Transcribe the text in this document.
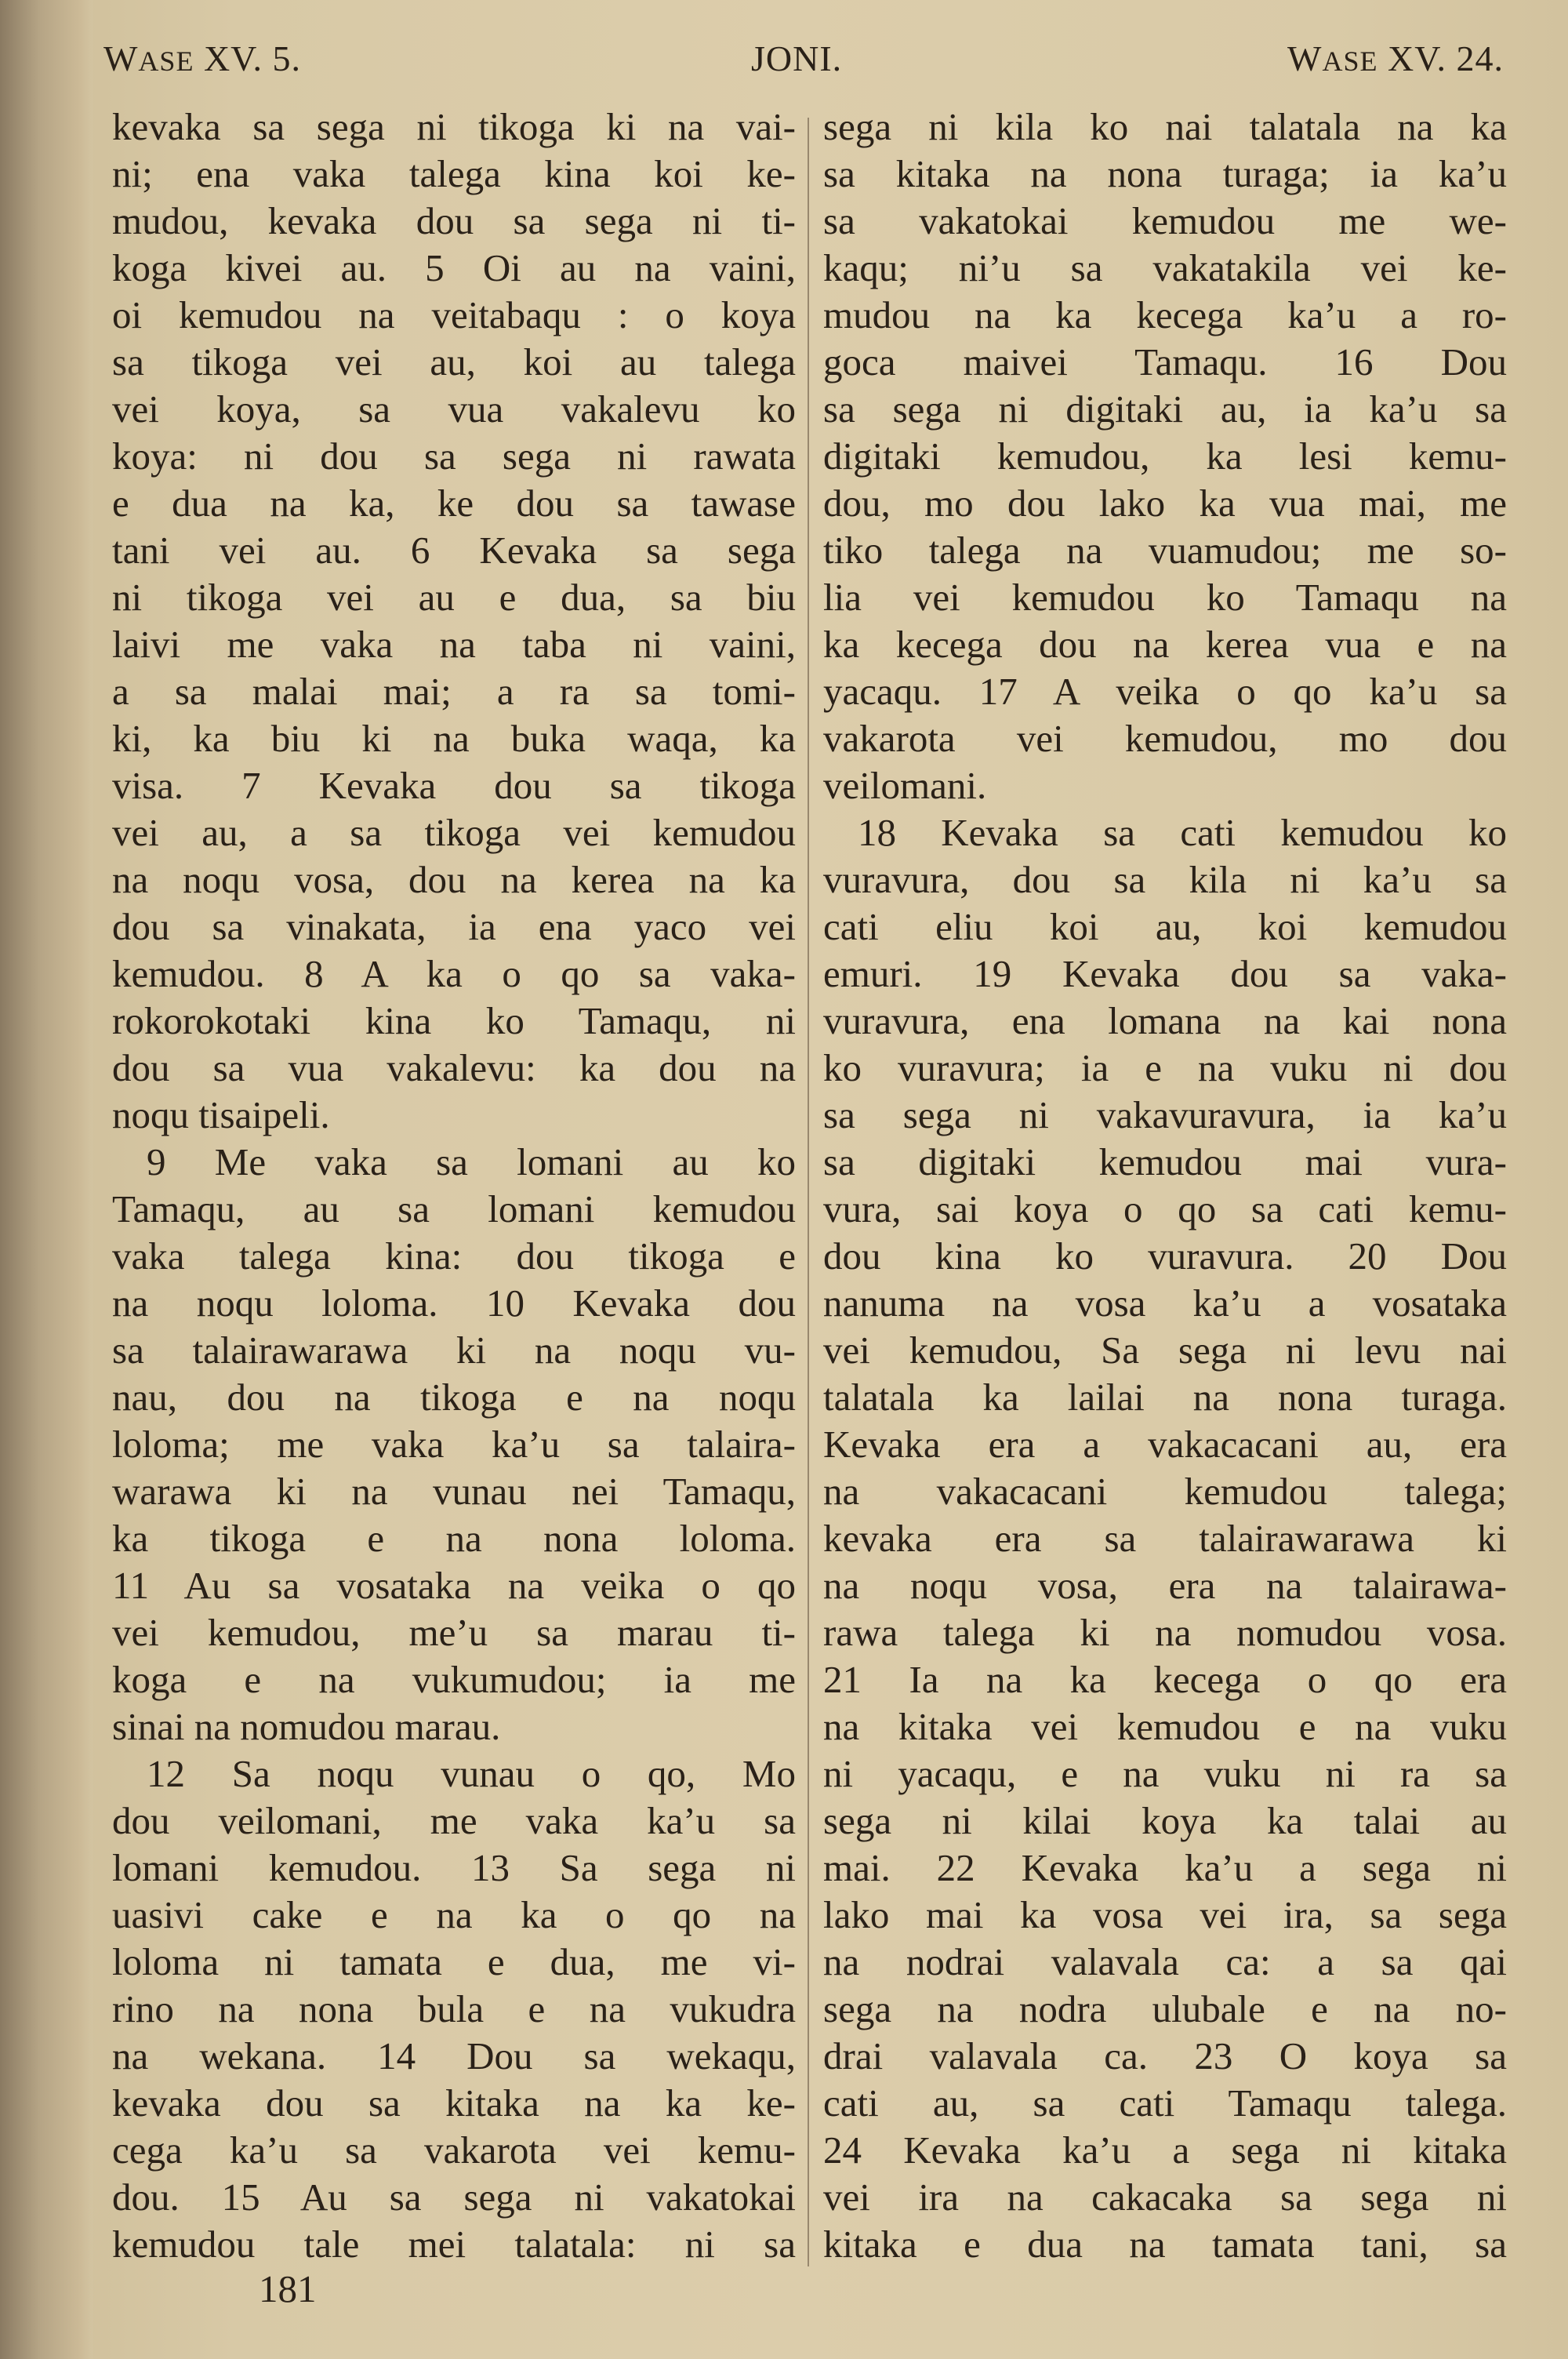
WASE XV. 5.	JONI.	WASE XV. 24.
kevaka sa sega ni tikoga ki na vai-
ni; ena vaka talega kina koi ke-
mudou, kevaka dou sa sega ni ti-
koga kivei au. 5 Oi au na vaini,
oi kemudou na veitabaqu : o koya
sa tikoga vei au, koi au talega
vei koya, sa vua vakalevu ko
koya: ni dou sa sega ni rawata
e dua na ka, ke dou sa tawase
tani vei au. 6 Kevaka sa sega
ni tikoga vei au e dua, sa biu
laivi me vaka na taba ni vaini,
a sa malai mai; a ra sa tomi-
ki, ka biu ki na buka waqa, ka
visa. 7 Kevaka dou sa tikoga
vei au, a sa tikoga vei kemudou
na noqu vosa, dou na kerea na ka
dou sa vinakata, ia ena yaco vei
kemudou. 8 A ka o qo sa vaka-
rokorokotaki kina ko Tamaqu, ni
dou sa vua vakalevu: ka dou na
noqu tisaipeli.
9 Me vaka sa lomani au ko
Tamaqu, au sa lomani kemudou
vaka talega kina: dou tikoga e
na noqu loloma. 10 Kevaka dou
sa talairawarawa ki na noqu vu-
nau, dou na tikoga e na noqu
loloma; me vaka ka’u sa talaira-
warawa ki na vunau nei Tamaqu,
ka tikoga e na nona loloma.
11 Au sa vosataka na veika o qo
vei kemudou, me’u sa marau ti-
koga e na vukumudou; ia me
sinai na nomudou marau.
12 Sa noqu vunau o qo, Mo
dou veilomani, me vaka ka’u sa
lomani kemudou. 13 Sa sega ni
uasivi cake e na ka o qo na
loloma ni tamata e dua, me vi-
rino na nona bula e na vukudra
na wekana. 14 Dou sa wekaqu,
kevaka dou sa kitaka na ka ke-
cega ka’u sa vakarota vei kemu-
dou. 15 Au sa sega ni vakatokai
kemudou tale mei talatala: ni sa
sega ni kila ko nai talatala na ka
sa kitaka na nona turaga; ia ka’u
sa vakatokai kemudou me we-
kaqu; ni’u sa vakatakila vei ke-
mudou na ka kecega ka’u a ro-
goca maivei Tamaqu. 16 Dou
sa sega ni digitaki au, ia ka’u sa
digitaki kemudou, ka lesi kemu-
dou, mo dou lako ka vua mai, me
tiko talega na vuamudou; me so-
lia vei kemudou ko Tamaqu na
ka kecega dou na kerea vua e na
yacaqu. 17 A veika o qo ka’u sa
vakarota vei kemudou, mo dou
veilomani.
18 Kevaka sa cati kemudou ko
vuravura, dou sa kila ni ka’u sa
cati eliu koi au, koi kemudou
emuri. 19 Kevaka dou sa vaka-
vuravura, ena lomana na kai nona
ko vuravura; ia e na vuku ni dou
sa sega ni vakavuravura, ia ka’u
sa digitaki kemudou mai vura-
vura, sai koya o qo sa cati kemu-
dou kina ko vuravura. 20 Dou
nanuma na vosa ka’u a vosataka
vei kemudou, Sa sega ni levu nai
talatala ka lailai na nona turaga.
Kevaka era a vakacacani au, era
na vakacacani kemudou talega;
kevaka era sa talairawarawa ki
na noqu vosa, era na talairawa-
rawa talega ki na nomudou vosa.
21 Ia na ka kecega o qo era
na kitaka vei kemudou e na vuku
ni yacaqu, e na vuku ni ra sa
sega ni kilai koya ka talai au
mai. 22 Kevaka ka’u a sega ni
lako mai ka vosa vei ira, sa sega
na nodrai valavala ca: a sa qai
sega na nodra ulubale e na no-
drai valavala ca. 23 O koya sa
cati au, sa cati Tamaqu talega.
24 Kevaka ka’u a sega ni kitaka
vei ira na cakacaka sa sega ni
kitaka e dua na tamata tani, sa
181
